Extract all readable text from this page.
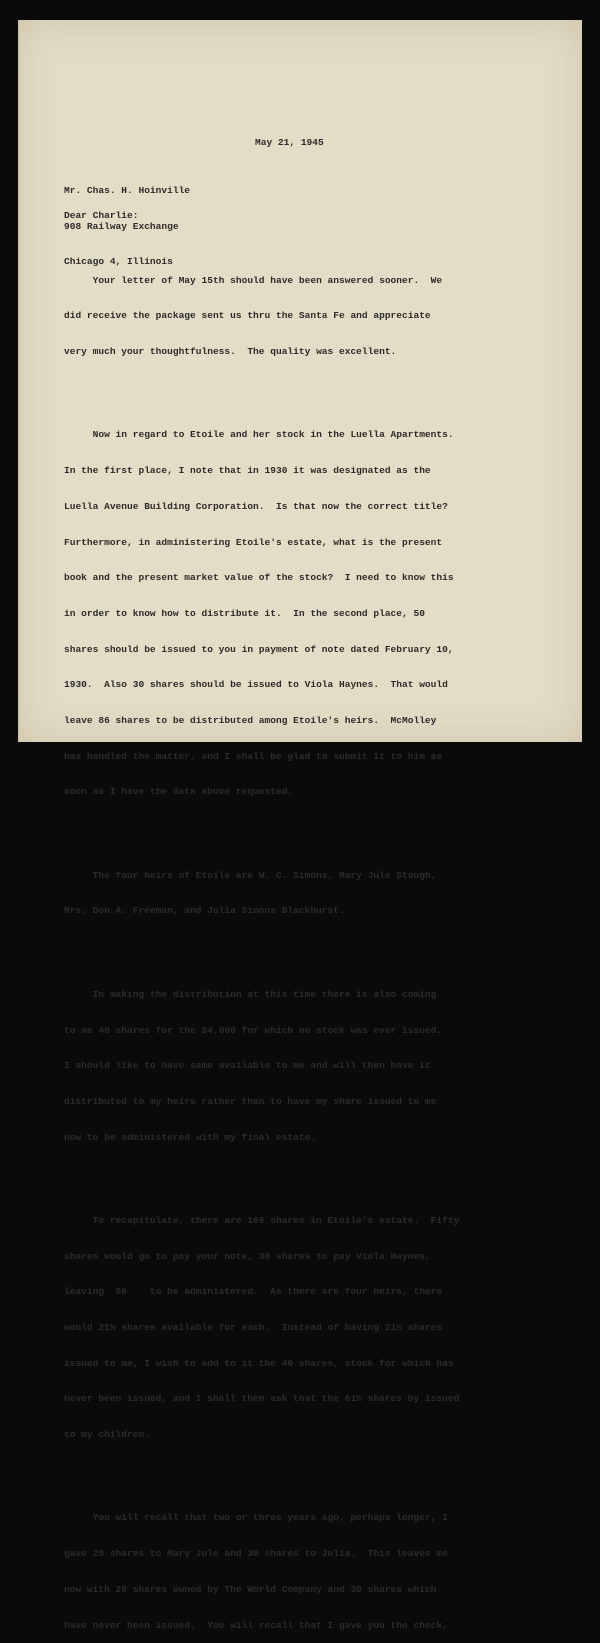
May 21, 1945

Mr. Chas. H. Hoinville

908 Railway Exchange

Chicago 4, Illinois

Dear Charlie:

Your letter of May 15th should have been answered sooner.  We

did receive the package sent us thru the Santa Fe and appreciate

very much your thoughtfulness.  The quality was excellent.

Now in regard to Etoile and her stock in the Luella Apartments.

In the first place, I note that in 1930 it was designated as the

Luella Avenue Building Corporation.  Is that now the correct title?

Furthermore, in administering Etoile's estate, what is the present

book and the present market value of the stock?  I need to know this

in order to know how to distribute it.  In the second place, 50

shares should be issued to you in payment of note dated February 10,

1930.  Also 30 shares should be issued to Viola Haynes.  That would

leave 86 shares to be distributed among Etoile's heirs.  McMolley

has handled the matter, and I shall be glad to submit it to him as

soon as I have the data above requested.

The four heirs of Etoile are W. C. Simons, Mary Jule Stough,

Mrs. Don A. Freeman, and Julia Simons Blackhurst.

In making the distribution at this time there is also coming

to me 40 shares for the $4,000 for which no stock was ever issued.

I should like to have same available to me and will then have it

distributed to my heirs rather than to have my share issued to me

now to be administered with my final estate.

To recapitulate, there are 166 shares in Etoile's estate.  Fifty

shares would go to pay your note, 30 shares to pay Viola Haynes,

leaving  86    to be administered.  As there are four heirs, there

would 21½ shares available for each.  Instead of having 21½ shares

issued to me, I wish to add to it the 40 shares, stock for which has

never been issued, and I shall then ask that the 61½ shares by issued

to my children.

You will recall that two or three years ago, perhaps longer, I

gave 20 shares to Mary Jule and 30 shares to Julia.  This leaves me

now with 20 shares owned by The World Company and 30 shares which

have never been issued.  You will recall that I gave you the check,
